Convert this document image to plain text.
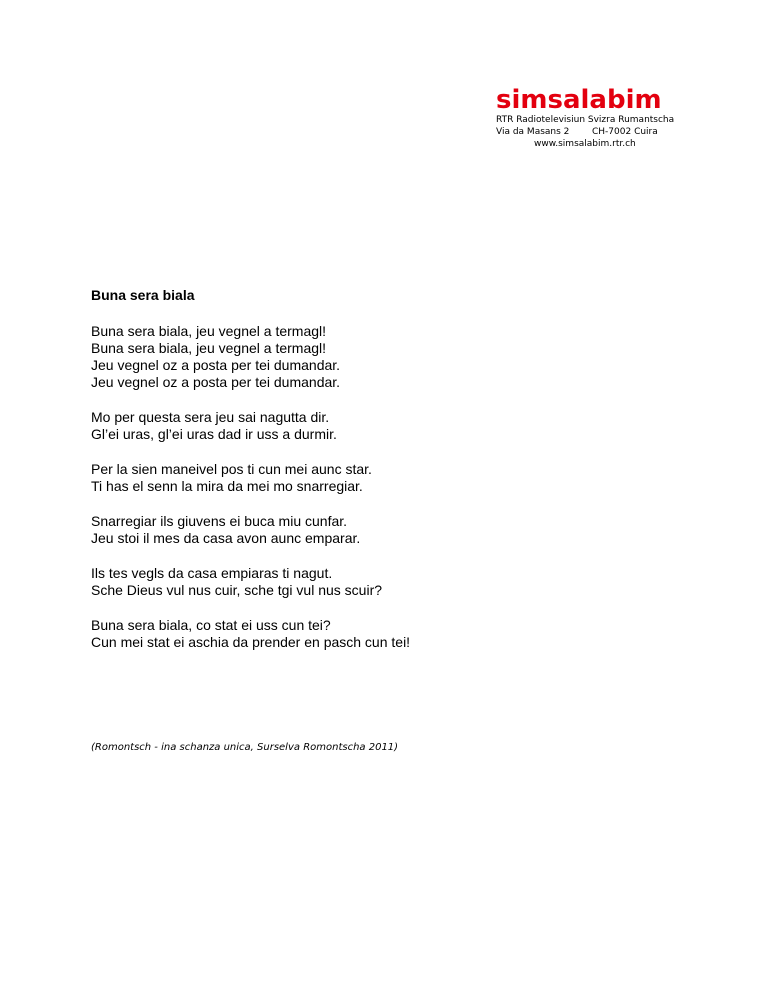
simsalabim
RTR Radiotelevisiun Svizra Rumantscha
Via da Masans 2	CH-7002 Cuira
www.simsalabim.rtr.ch
Buna sera biala
Buna sera biala, jeu vegnel a termagl!
Buna sera biala, jeu vegnel a termagl!
Jeu vegnel oz a posta per tei dumandar.
Jeu vegnel oz a posta per tei dumandar.
Mo per questa sera jeu sai nagutta dir.
Gl’ei uras, gl’ei uras dad ir uss a durmir.
Per la sien maneivel pos ti cun mei aunc star.
Ti has el senn la mira da mei mo snarregiar.
Snarregiar ils giuvens ei buca miu cunfar.
Jeu stoi il mes da casa avon aunc emparar.
Ils tes vegls da casa empiaras ti nagut.
Sche Dieus vul nus cuir, sche tgi vul nus scuir?
Buna sera biala, co stat ei uss cun tei?
Cun mei stat ei aschia da prender en pasch cun tei!
(Romontsch - ina schanza unica, Surselva Romontscha 2011)
